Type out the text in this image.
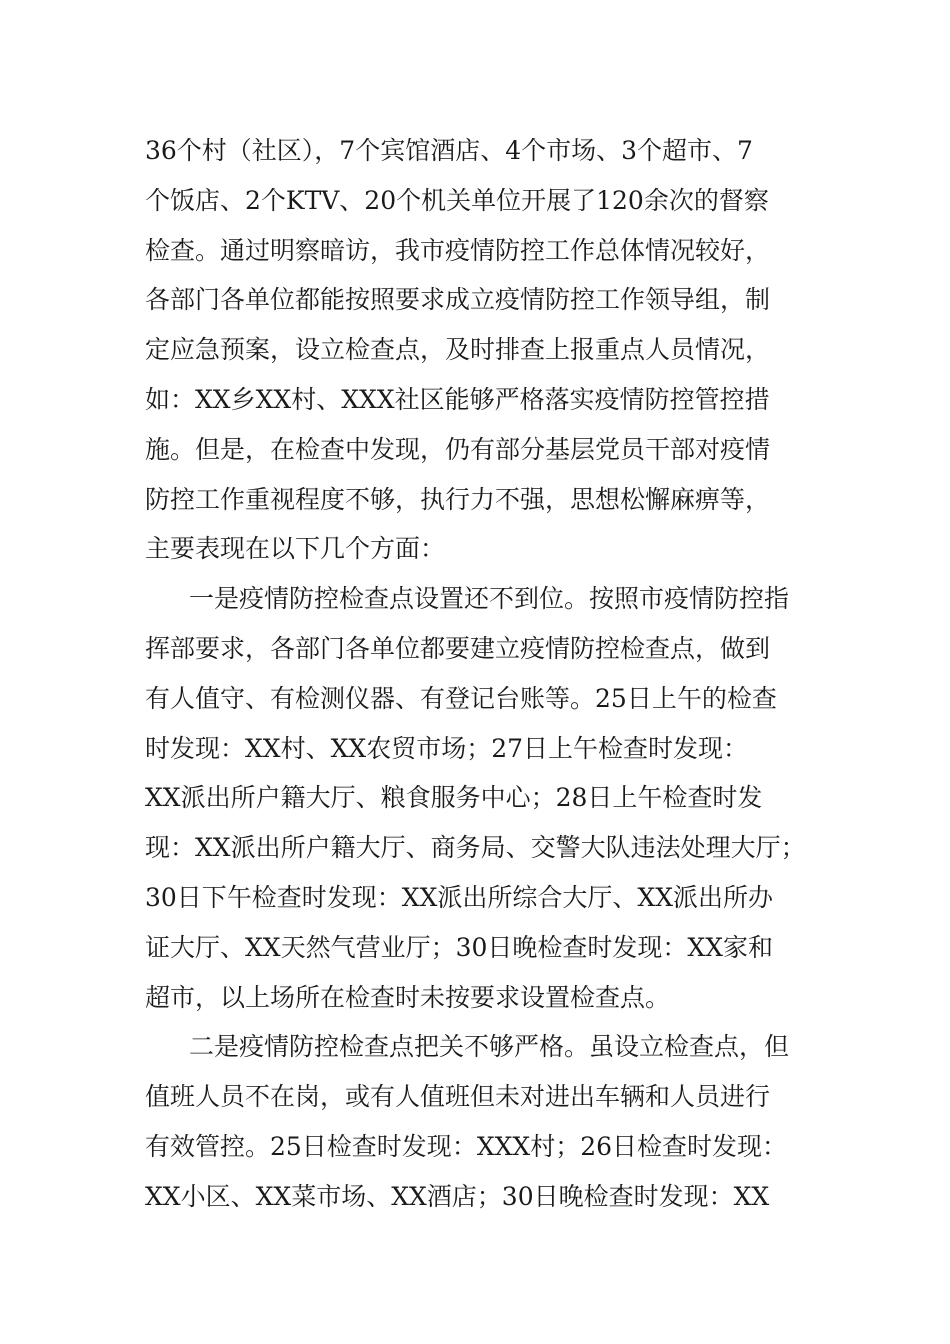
36个村（社区），7个宾馆酒店、4个市场、3个超市、7
个饭店、2个KTV、20个机关单位开展了120余次的督察
检查。通过明察暗访，我市疫情防控工作总体情况较好，
各部门各单位都能按照要求成立疫情防控工作领导组，制
定应急预案，设立检查点，及时排查上报重点人员情况，
如：XX乡XX村、XXX社区能够严格落实疫情防控管控措
施。但是，在检查中发现，仍有部分基层党员干部对疫情
防控工作重视程度不够，执行力不强，思想松懈麻痹等，
主要表现在以下几个方面：
一是疫情防控检查点设置还不到位。按照市疫情防控指
挥部要求，各部门各单位都要建立疫情防控检查点，做到
有人值守、有检测仪器、有登记台账等。25日上午的检查
时发现：XX村、XX农贸市场；27日上午检查时发现：
XX派出所户籍大厅、粮食服务中心；28日上午检查时发
现：XX派出所户籍大厅、商务局、交警大队违法处理大厅；
30日下午检查时发现：XX派出所综合大厅、XX派出所办
证大厅、XX天然气营业厅；30日晚检查时发现：XX家和
超市，以上场所在检查时未按要求设置检查点。
二是疫情防控检查点把关不够严格。虽设立检查点，但
值班人员不在岗，或有人值班但未对进出车辆和人员进行
有效管控。25日检查时发现：XXX村；26日检查时发现：
XX小区、XX菜市场、XX酒店；30日晚检查时发现：XX
